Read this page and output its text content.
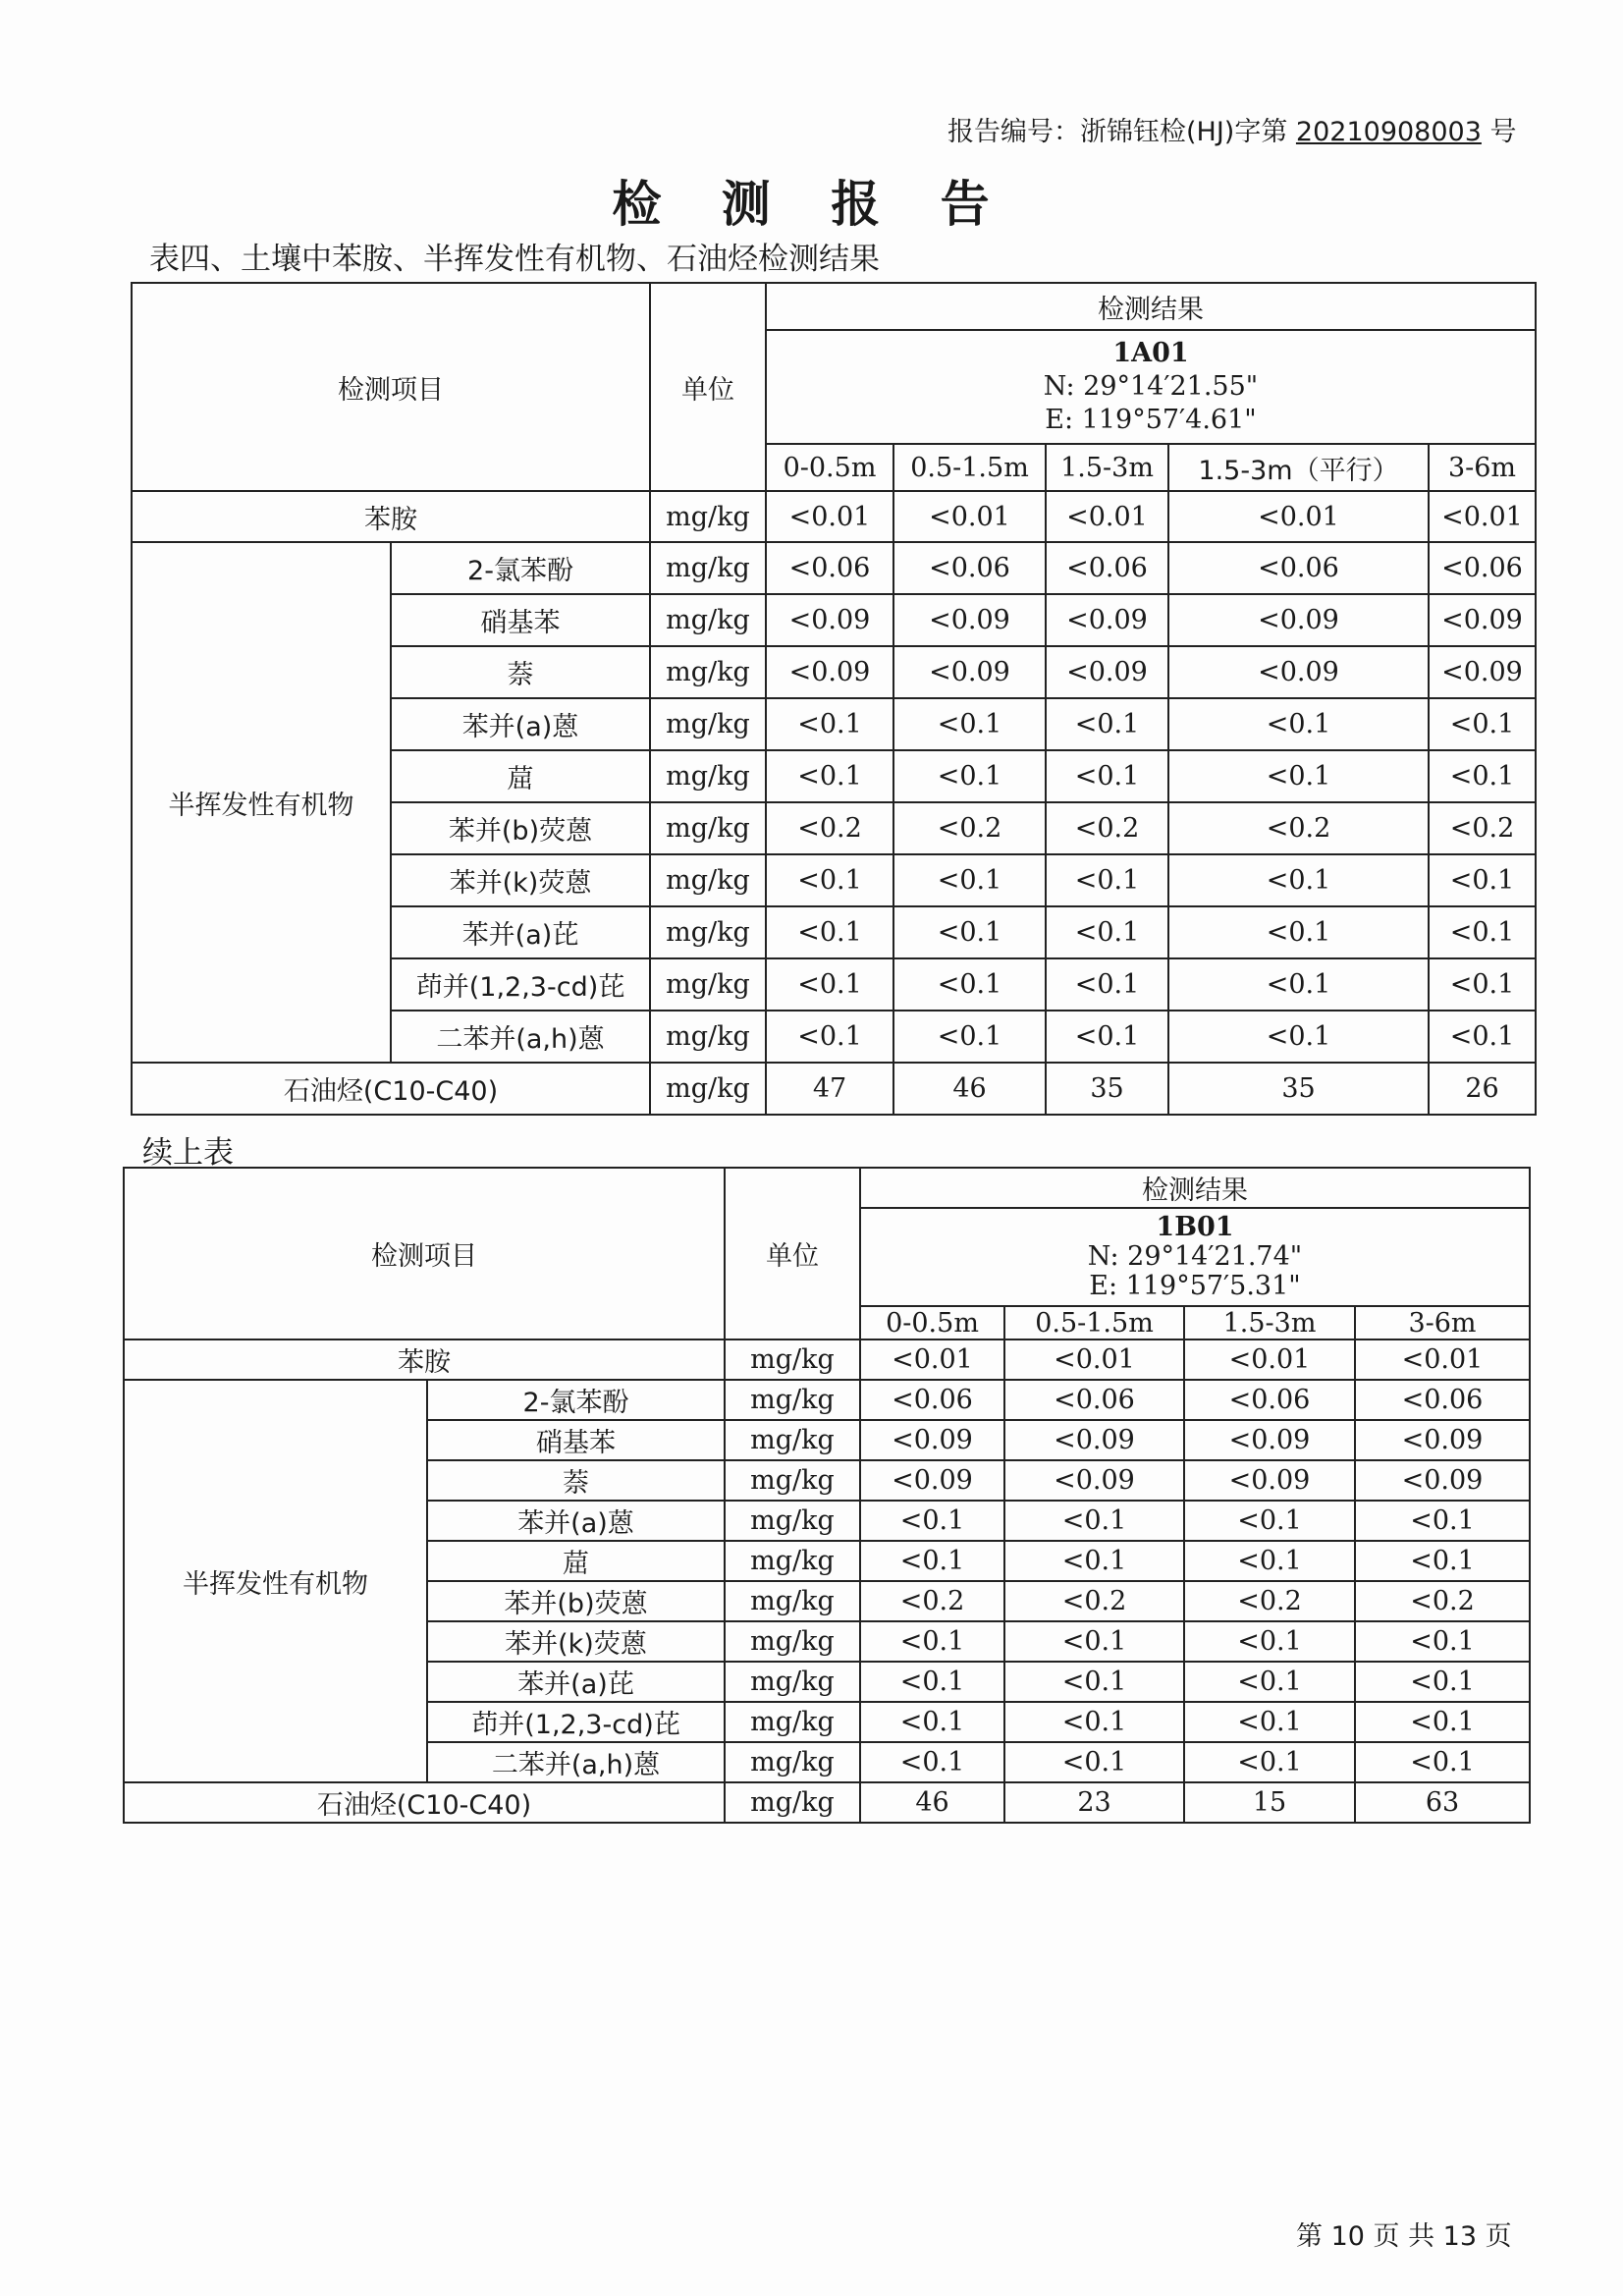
报告编号：浙锦钰检(HJ)字第 20210908003 号
检 测 报 告
表四、土壤中苯胺、半挥发性有机物、石油烃检测结果
检测项目		单位	检测结果				

			1A01
N: 29°14′21.55"
E: 119°57′4.61"				

			0-0.5m	0.5-1.5m	1.5-3m	1.5-3m（平行）	3-6m
苯胺		mg/kg	<0.01	<0.01	<0.01	<0.01	<0.01
半挥发性有机物	2-氯苯酚	mg/kg	<0.06	<0.06	<0.06	<0.06	<0.06
	硝基苯	mg/kg	<0.09	<0.09	<0.09	<0.09	<0.09
	萘	mg/kg	<0.09	<0.09	<0.09	<0.09	<0.09
	苯并(a)蒽	mg/kg	<0.1	<0.1	<0.1	<0.1	<0.1
	䓛	mg/kg	<0.1	<0.1	<0.1	<0.1	<0.1
	苯并(b)荧蒽	mg/kg	<0.2	<0.2	<0.2	<0.2	<0.2
	苯并(k)荧蒽	mg/kg	<0.1	<0.1	<0.1	<0.1	<0.1
	苯并(a)芘	mg/kg	<0.1	<0.1	<0.1	<0.1	<0.1
	茚并(1,2,3-cd)芘	mg/kg	<0.1	<0.1	<0.1	<0.1	<0.1
	二苯并(a,h)蒽	mg/kg	<0.1	<0.1	<0.1	<0.1	<0.1
石油烃(C10-C40)		mg/kg	47	46	35	35	26
续上表
检测项目		单位	检测结果			

			1B01
N: 29°14′21.74"
E: 119°57′5.31"			

			0-0.5m	0.5-1.5m	1.5-3m	3-6m
苯胺		mg/kg	<0.01	<0.01	<0.01	<0.01
半挥发性有机物	2-氯苯酚	mg/kg	<0.06	<0.06	<0.06	<0.06
	硝基苯	mg/kg	<0.09	<0.09	<0.09	<0.09
	萘	mg/kg	<0.09	<0.09	<0.09	<0.09
	苯并(a)蒽	mg/kg	<0.1	<0.1	<0.1	<0.1
	䓛	mg/kg	<0.1	<0.1	<0.1	<0.1
	苯并(b)荧蒽	mg/kg	<0.2	<0.2	<0.2	<0.2
	苯并(k)荧蒽	mg/kg	<0.1	<0.1	<0.1	<0.1
	苯并(a)芘	mg/kg	<0.1	<0.1	<0.1	<0.1
	茚并(1,2,3-cd)芘	mg/kg	<0.1	<0.1	<0.1	<0.1
	二苯并(a,h)蒽	mg/kg	<0.1	<0.1	<0.1	<0.1
石油烃(C10-C40)		mg/kg	46	23	15	63
第 10 页 共 13 页
